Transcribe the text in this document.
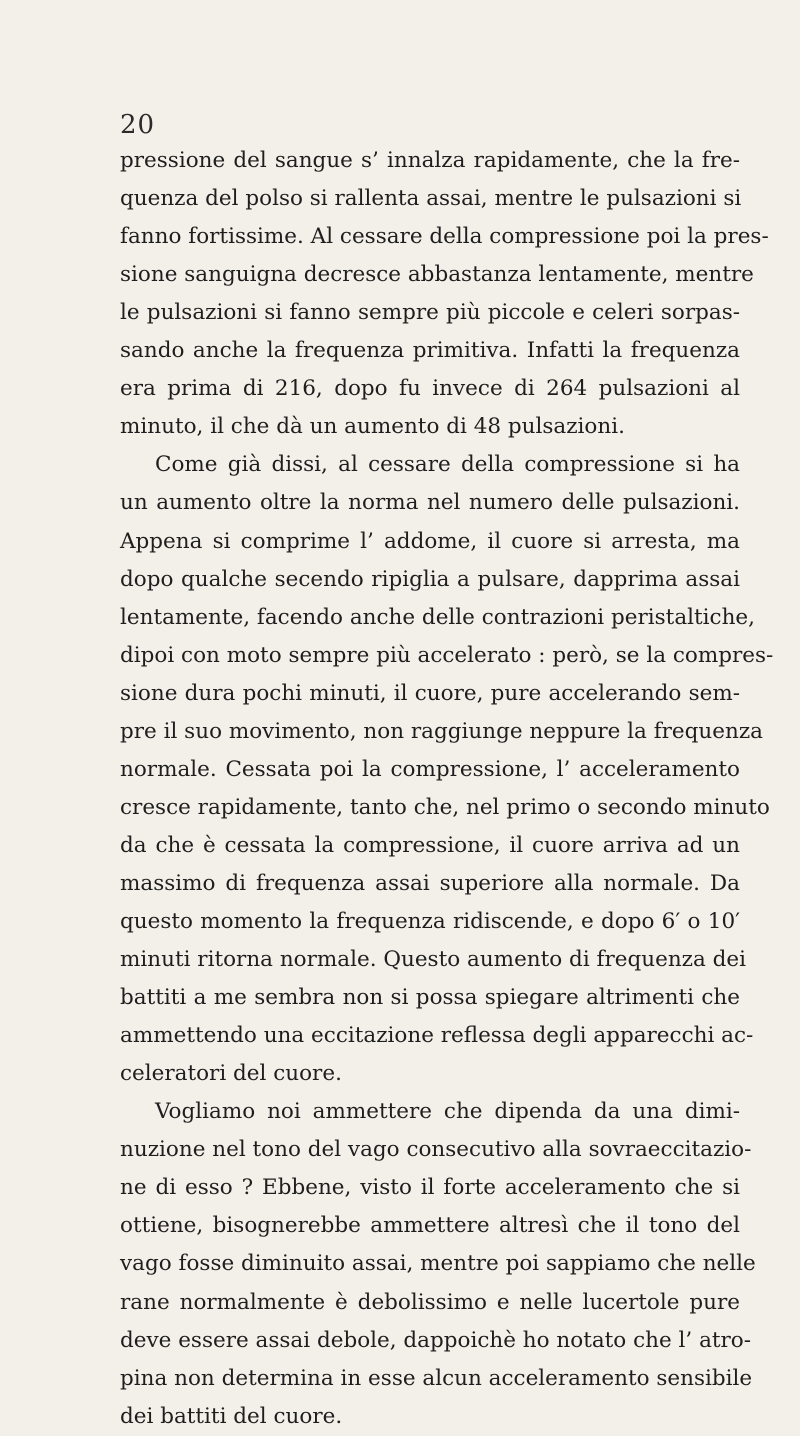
20
pressione del sangue s’ innalza rapidamente, che la fre-
quenza del polso si rallenta assai, mentre le pulsazioni si
fanno fortissime. Al cessare della compressione poi la pres-
sione sanguigna decresce abbastanza lentamente, mentre
le pulsazioni si fanno sempre più piccole e celeri sorpas-
sando anche la frequenza primitiva. Infatti la frequenza
era prima di 216, dopo fu invece di 264 pulsazioni al
minuto, il che dà un aumento di 48 pulsazioni.
Come già dissi, al cessare della compressione si ha
un aumento oltre la norma nel numero delle pulsazioni.
Appena si comprime l’ addome, il cuore si arresta, ma
dopo qualche secendo ripiglia a pulsare, dapprima assai
lentamente, facendo anche delle contrazioni peristaltiche,
dipoi con moto sempre più accelerato : però, se la compres-
sione dura pochi minuti, il cuore, pure accelerando sem-
pre il suo movimento, non raggiunge neppure la frequenza
normale. Cessata poi la compressione, l’ acceleramento
cresce rapidamente, tanto che, nel primo o secondo minuto
da che è cessata la compressione, il cuore arriva ad un
massimo di frequenza assai superiore alla normale. Da
questo momento la frequenza ridiscende, e dopo 6′ o 10′
minuti ritorna normale. Questo aumento di frequenza dei
battiti a me sembra non si possa spiegare altrimenti che
ammettendo una eccitazione reflessa degli apparecchi ac-
celeratori del cuore.
Vogliamo noi ammettere che dipenda da una dimi-
nuzione nel tono del vago consecutivo alla sovraeccitazio-
ne di esso ? Ebbene, visto il forte acceleramento che si
ottiene, bisognerebbe ammettere altresì che il tono del
vago fosse diminuito assai, mentre poi sappiamo che nelle
rane normalmente è debolissimo e nelle lucertole pure
deve essere assai debole, dappoichè ho notato che l’ atro-
pina non determina in esse alcun acceleramento sensibile
dei battiti del cuore.
